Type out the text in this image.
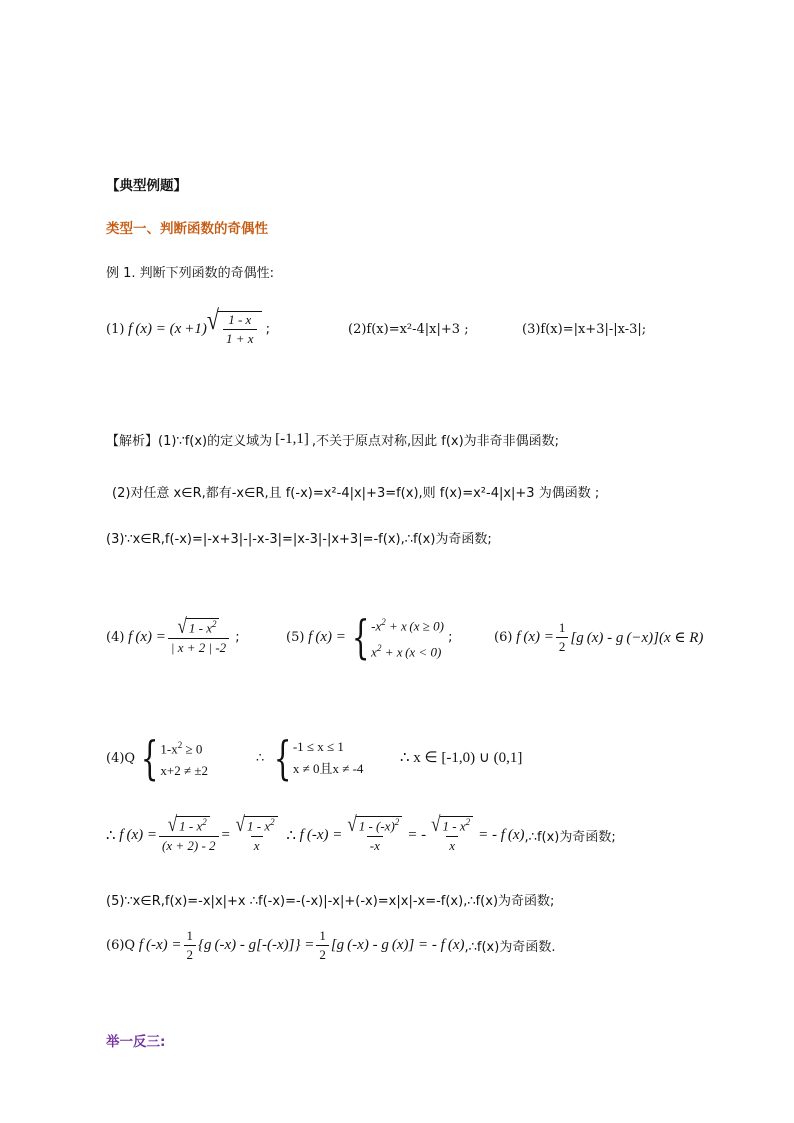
【典型例题】
类型一、判断函数的奇偶性
例 1. 判断下列函数的奇偶性:
(1) f (x) = (x +1) √ $\frac{1 - x}{1 + x}$ ;	(2)f(x)=x²-4|x|+3 ;	(3)f(x)=|x+3|-|x-3|;
【解析】 (1)∵f(x)的定义域为 [-1,1] ,不关于原点对称,因此 f(x)为非奇非偶函数;
(2)对任意 x∈R,都有-x∈R,且 f(-x)=x²-4|x|+3=f(x),则 f(x)=x²-4|x|+3 为偶函数 ;
(3)∵x∈R,f(-x)=|-x+3|-|-x-3|=|x-3|-|x+3|=-f(x),∴f(x)为奇函数;
(4) f $(x) = \frac{√ 1 - x^2}{| x + 2 | -2}$ ;	(5) f (x) = { $-x^2 + x$ (x ≥ 0)
$x^2 + x$ (x < 0)
;	(6) f $(x) = \frac{1}{2} [g$ (x) - g (−x)](x ∈ R)
(4)Q { $1-x^2 \ge 0$
x+2 ≠ ±2
∴ { -1 ≤ x ≤ 1
x ≠ 0且x ≠ -4
∴ x ∈ [-1,0) ∪ (0,1]
∴ f $(x) = \frac{√ 1 - x^2}{(x + 2) - 2} = \frac{√ 1 - x^2}{x}$ ∴ f $(-x) = \frac{√ 1 - (-x)^2}{-x}$ = - $\frac{√ 1 - x^2}{x}$ = - f (x) ,∴f(x)为奇函数;
(5)∵x∈R,f(x)=-x|x|+x ∴f(-x)=-(-x)|-x|+(-x)=x|x|-x=-f(x),∴f(x)为奇函数;
(6)Q f $(-x) = \frac{1}{2} \{g$ $(-x) - g[-(-x)]\} = \frac{1}{2} [g$ (-x) - g (x)] = - f (x) ,∴f(x)为奇函数.
举一反三:
